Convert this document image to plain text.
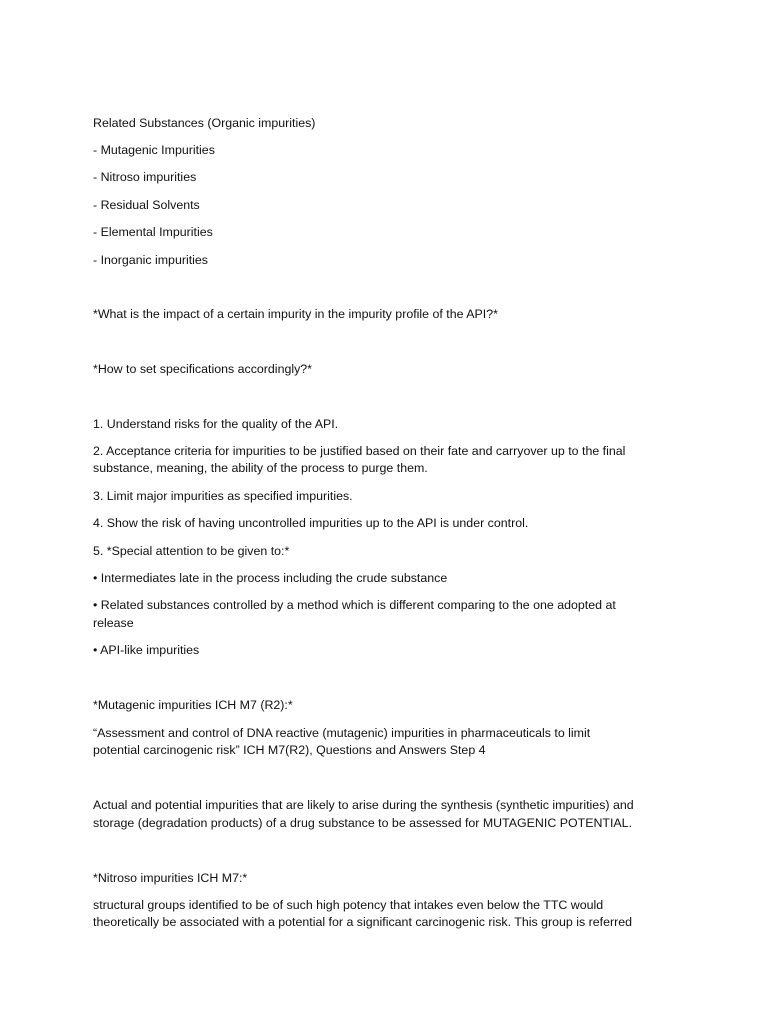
Related Substances (Organic impurities)

- Mutagenic Impurities

- Nitroso impurities

- Residual Solvents

- Elemental Impurities

- Inorganic impurities

*What is the impact of a certain impurity in the impurity profile of the API?*

*How to set specifications accordingly?*

1. Understand risks for the quality of the API.

2. Acceptance criteria for impurities to be justified based on their fate and carryover up to the final

substance, meaning, the ability of the process to purge them.

3. Limit major impurities as specified impurities.

4. Show the risk of having uncontrolled impurities up to the API is under control.

5. *Special attention to be given to:*

• Intermediates late in the process including the crude substance

• Related substances controlled by a method which is different comparing to the one adopted at

release

• API-like impurities

*Mutagenic impurities ICH M7 (R2):*

“Assessment and control of DNA reactive (mutagenic) impurities in pharmaceuticals to limit

potential carcinogenic risk” ICH M7(R2), Questions and Answers Step 4

Actual and potential impurities that are likely to arise during the synthesis (synthetic impurities) and

storage (degradation products) of a drug substance to be assessed for MUTAGENIC POTENTIAL.

*Nitroso impurities ICH M7:*

structural groups identified to be of such high potency that intakes even below the TTC would

theoretically be associated with a potential for a significant carcinogenic risk. This group is referred
